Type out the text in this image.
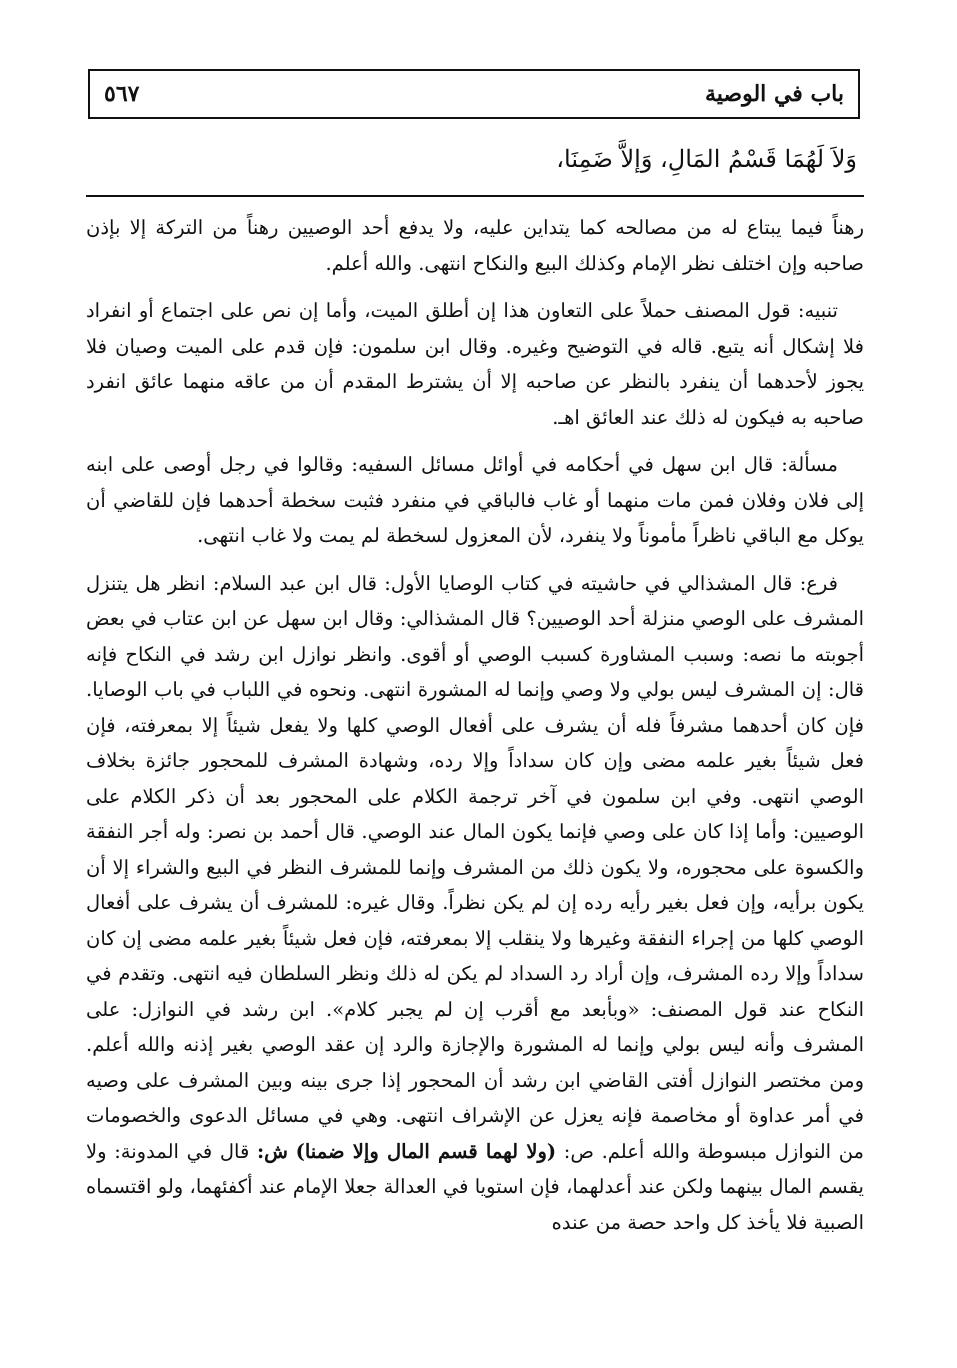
باب في الوصية
٥٦٧
وَلاَ لَهُمَا قَسْمُ المَالِ، وَإلاَّ ضَمِنَا،

رهناً فيما يبتاع له من مصالحه كما يتداين عليه، ولا يدفع أحد الوصيين رهناً من التركة إلا بإذن صاحبه وإن اختلف نظر الإمام وكذلك البيع والنكاح انتهى. والله أعلم.

تنبيه: قول المصنف حملاً على التعاون هذا إن أطلق الميت، وأما إن نص على اجتماع أو انفراد فلا إشكال أنه يتبع. قاله في التوضيح وغيره. وقال ابن سلمون: فإن قدم على الميت وصيان فلا يجوز لأحدهما أن ينفرد بالنظر عن صاحبه إلا أن يشترط المقدم أن من عاقه منهما عائق انفرد صاحبه به فيكون له ذلك عند العائق اهـ.

مسألة: قال ابن سهل في أحكامه في أوائل مسائل السفيه: وقالوا في رجل أوصى على ابنه إلى فلان وفلان فمن مات منهما أو غاب فالباقي في منفرد فثبت سخطة أحدهما فإن للقاضي أن يوكل مع الباقي ناظراً مأموناً ولا ينفرد، لأن المعزول لسخطة لم يمت ولا غاب انتهى.

فرع: قال المشذالي في حاشيته في كتاب الوصايا الأول: قال ابن عبد السلام: انظر هل يتنزل المشرف على الوصي منزلة أحد الوصيين؟ قال المشذالي: وقال ابن سهل عن ابن عتاب في بعض أجوبته ما نصه: وسبب المشاورة كسبب الوصي أو أقوى. وانظر نوازل ابن رشد في النكاح فإنه قال: إن المشرف ليس بولي ولا وصي وإنما له المشورة انتهى. ونحوه في اللباب في باب الوصايا. فإن كان أحدهما مشرفاً فله أن يشرف على أفعال الوصي كلها ولا يفعل شيئاً إلا بمعرفته، فإن فعل شيئاً بغير علمه مضى وإن كان سداداً وإلا رده، وشهادة المشرف للمحجور جائزة بخلاف الوصي انتهى. وفي ابن سلمون في آخر ترجمة الكلام على المحجور بعد أن ذكر الكلام على الوصيين: وأما إذا كان على وصي فإنما يكون المال عند الوصي. قال أحمد بن نصر: وله أجر النفقة والكسوة على محجوره، ولا يكون ذلك من المشرف وإنما للمشرف النظر في البيع والشراء إلا أن يكون برأيه، وإن فعل بغير رأيه رده إن لم يكن نظراً. وقال غيره: للمشرف أن يشرف على أفعال الوصي كلها من إجراء النفقة وغيرها ولا ينقلب إلا بمعرفته، فإن فعل شيئاً بغير علمه مضى إن كان سداداً وإلا رده المشرف، وإن أراد رد السداد لم يكن له ذلك ونظر السلطان فيه انتهى. وتقدم في النكاح عند قول المصنف: «وبأبعد مع أقرب إن لم يجبر كلام». ابن رشد في النوازل: على المشرف وأنه ليس بولي وإنما له المشورة والإجازة والرد إن عقد الوصي بغير إذنه والله أعلم. ومن مختصر النوازل أفتى القاضي ابن رشد أن المحجور إذا جرى بينه وبين المشرف على وصيه في أمر عداوة أو مخاصمة فإنه يعزل عن الإشراف انتهى. وهي في مسائل الدعوى والخصومات من النوازل مبسوطة والله أعلم. ص: (ولا لهما قسم المال وإلا ضمنا) ش: قال في المدونة: ولا يقسم المال بينهما ولكن عند أعدلهما، فإن استويا في العدالة جعلا الإمام عند أكفئهما، ولو اقتسماه الصبية فلا يأخذ كل واحد حصة من عنده
